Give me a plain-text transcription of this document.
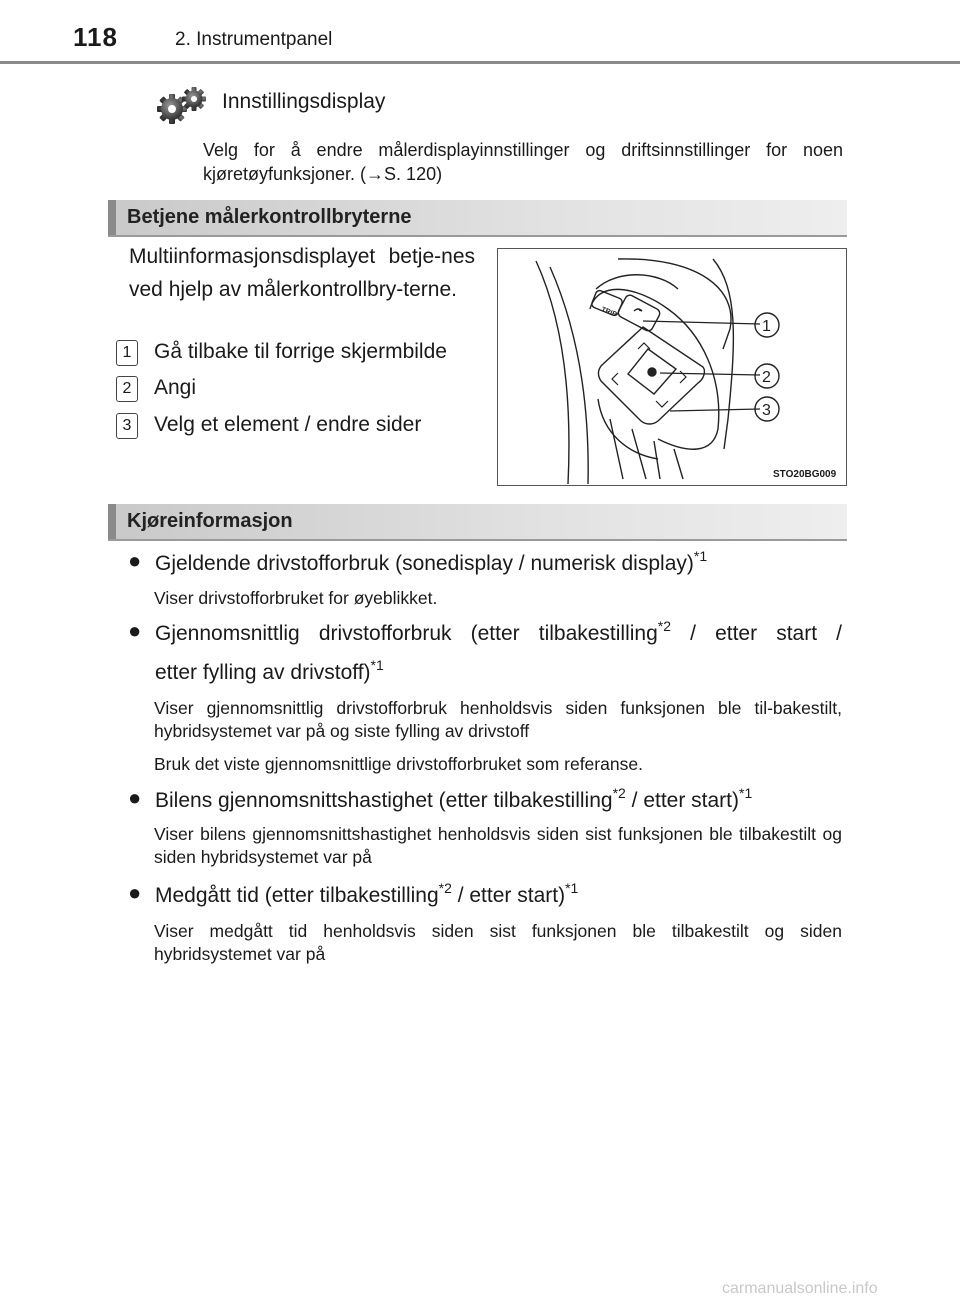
118	2. Instrumentpanel
Innstillingsdisplay
Velg for å endre målerdisplayinnstillinger og driftsinnstillinger for noen kjøretøyfunksjoner. (→S. 120)
Betjene målerkontrollbryterne
Multiinformasjonsdisplayet betje-nes ved hjelp av målerkontrollbry-terne.
1	Gå tilbake til forrige skjermbilde
2	Angi
3	Velg et element / endre sider
TRIP
1
2
3
STO20BG009
Kjøreinformasjon
● Gjeldende drivstofforbruk (sonedisplay / numerisk display)$^{*1}$
Viser drivstofforbruket for øyeblikket.
● Gjennomsnittlig drivstofforbruk (etter tilbakestilling$^{*2}$ / etter start /
etter fylling av drivstoff)$^{*1}$
Viser gjennomsnittlig drivstofforbruk henholdsvis siden funksjonen ble til-bakestilt, hybridsystemet var på og siste fylling av drivstoff
Bruk det viste gjennomsnittlige drivstofforbruket som referanse.
● Bilens gjennomsnittshastighet (etter tilbakestilling$^{*2}$ / etter start)$^{*1}$
Viser bilens gjennomsnittshastighet henholdsvis siden sist funksjonen ble tilbakestilt og siden hybridsystemet var på
● Medgått tid (etter tilbakestilling$^{*2}$ / etter start)$^{*1}$
Viser medgått tid henholdsvis siden sist funksjonen ble tilbakestilt og siden hybridsystemet var på
carmanualsonline.info
